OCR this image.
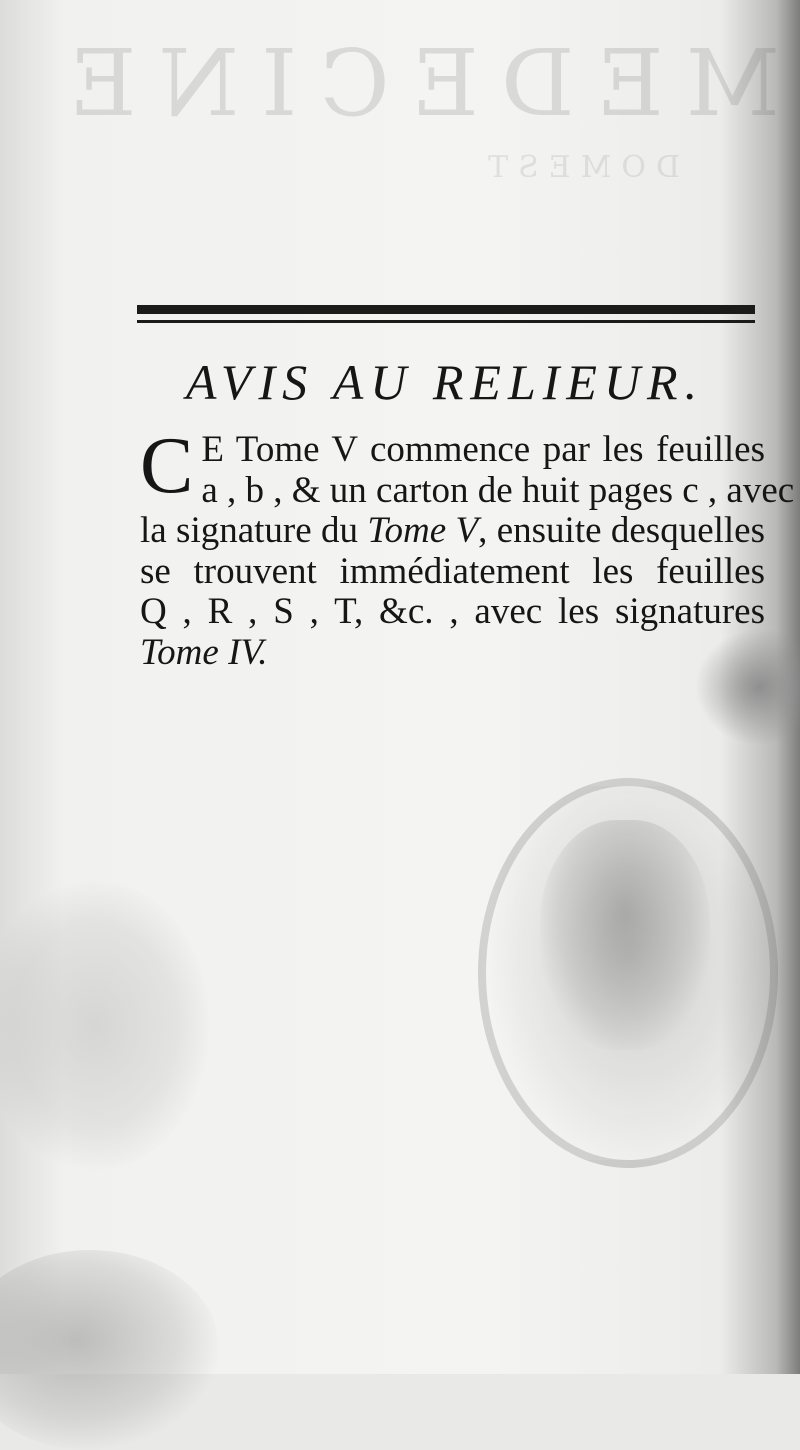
MEDECINE
DOMEST
AVIS AU RELIEUR.
C E Tome V commence par les feuilles
a , b , & un carton de huit pages c , avec
la signature du Tome V, ensuite desquelles
se trouvent immédiatement les feuilles
Q , R , S , T, &c. , avec les signatures
Tome IV.
